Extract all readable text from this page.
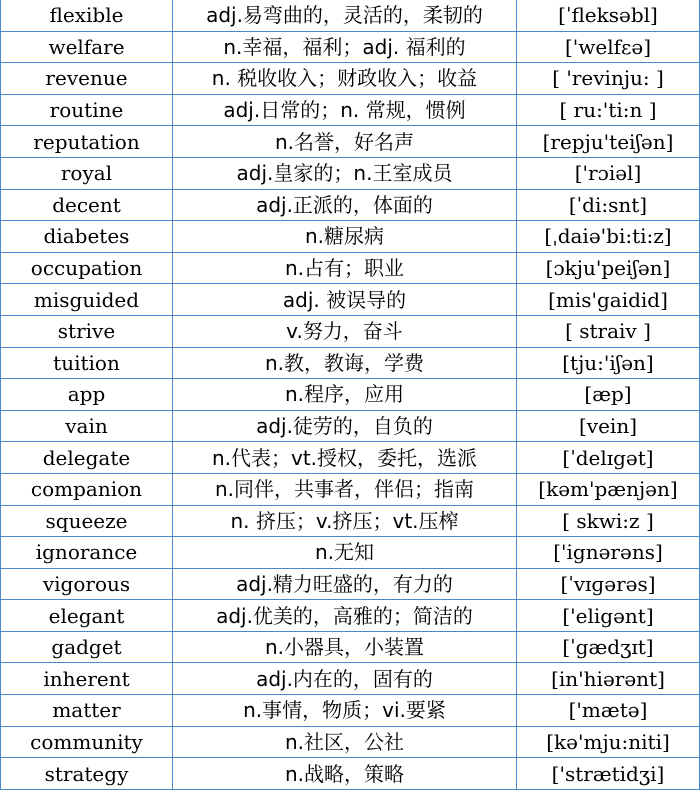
flexible	adj.易弯曲的，灵活的，柔韧的	[ˈfleksəbl]
welfare	n.幸福，福利；adj. 福利的	['welfεə]
revenue	n. 税收收入；财政收入；收益	[ 'revinju: ]
routine	adj.日常的；n. 常规，惯例	[ ru:'ti:n ]
reputation	n.名誉，好名声	[repju'teiʃən]
royal	adj.皇家的；n.王室成员	['rɔiəl]
decent	adj.正派的，体面的	[ˈdi:snt]
diabetes	n.糖尿病	[ˌdaiə'bi:ti:z]
occupation	n.占有；职业	[ɔkju'peiʃən]
misguided	adj. 被误导的	[mis'gaidid]
strive	v.努力，奋斗	[ straiv ]
tuition	n.教，教诲，学费	[tju:'iʃən]
app	n.程序，应用	[æp]
vain	adj.徒劳的，自负的	[vein]
delegate	n.代表；vt.授权，委托，选派	[ˈdelɪgət]
companion	n.同伴，共事者，伴侣；指南	[kəm'pænjən]
squeeze	n. 挤压；v.挤压；vt.压榨	[ skwi:z ]
ignorance	n.无知	['ignərəns]
vigorous	adj.精力旺盛的，有力的	[ˈvɪɡərəs]
elegant	adj.优美的，高雅的；简洁的	['eligənt]
gadget	n.小器具，小装置	[ˈgædʒɪt]
inherent	adj.内在的，固有的	[in'hiərənt]
matter	n.事情，物质；vi.要紧	['mætə]
community	n.社区，公社	[kə'mju:niti]
strategy	n.战略，策略	['strætidʒi]
